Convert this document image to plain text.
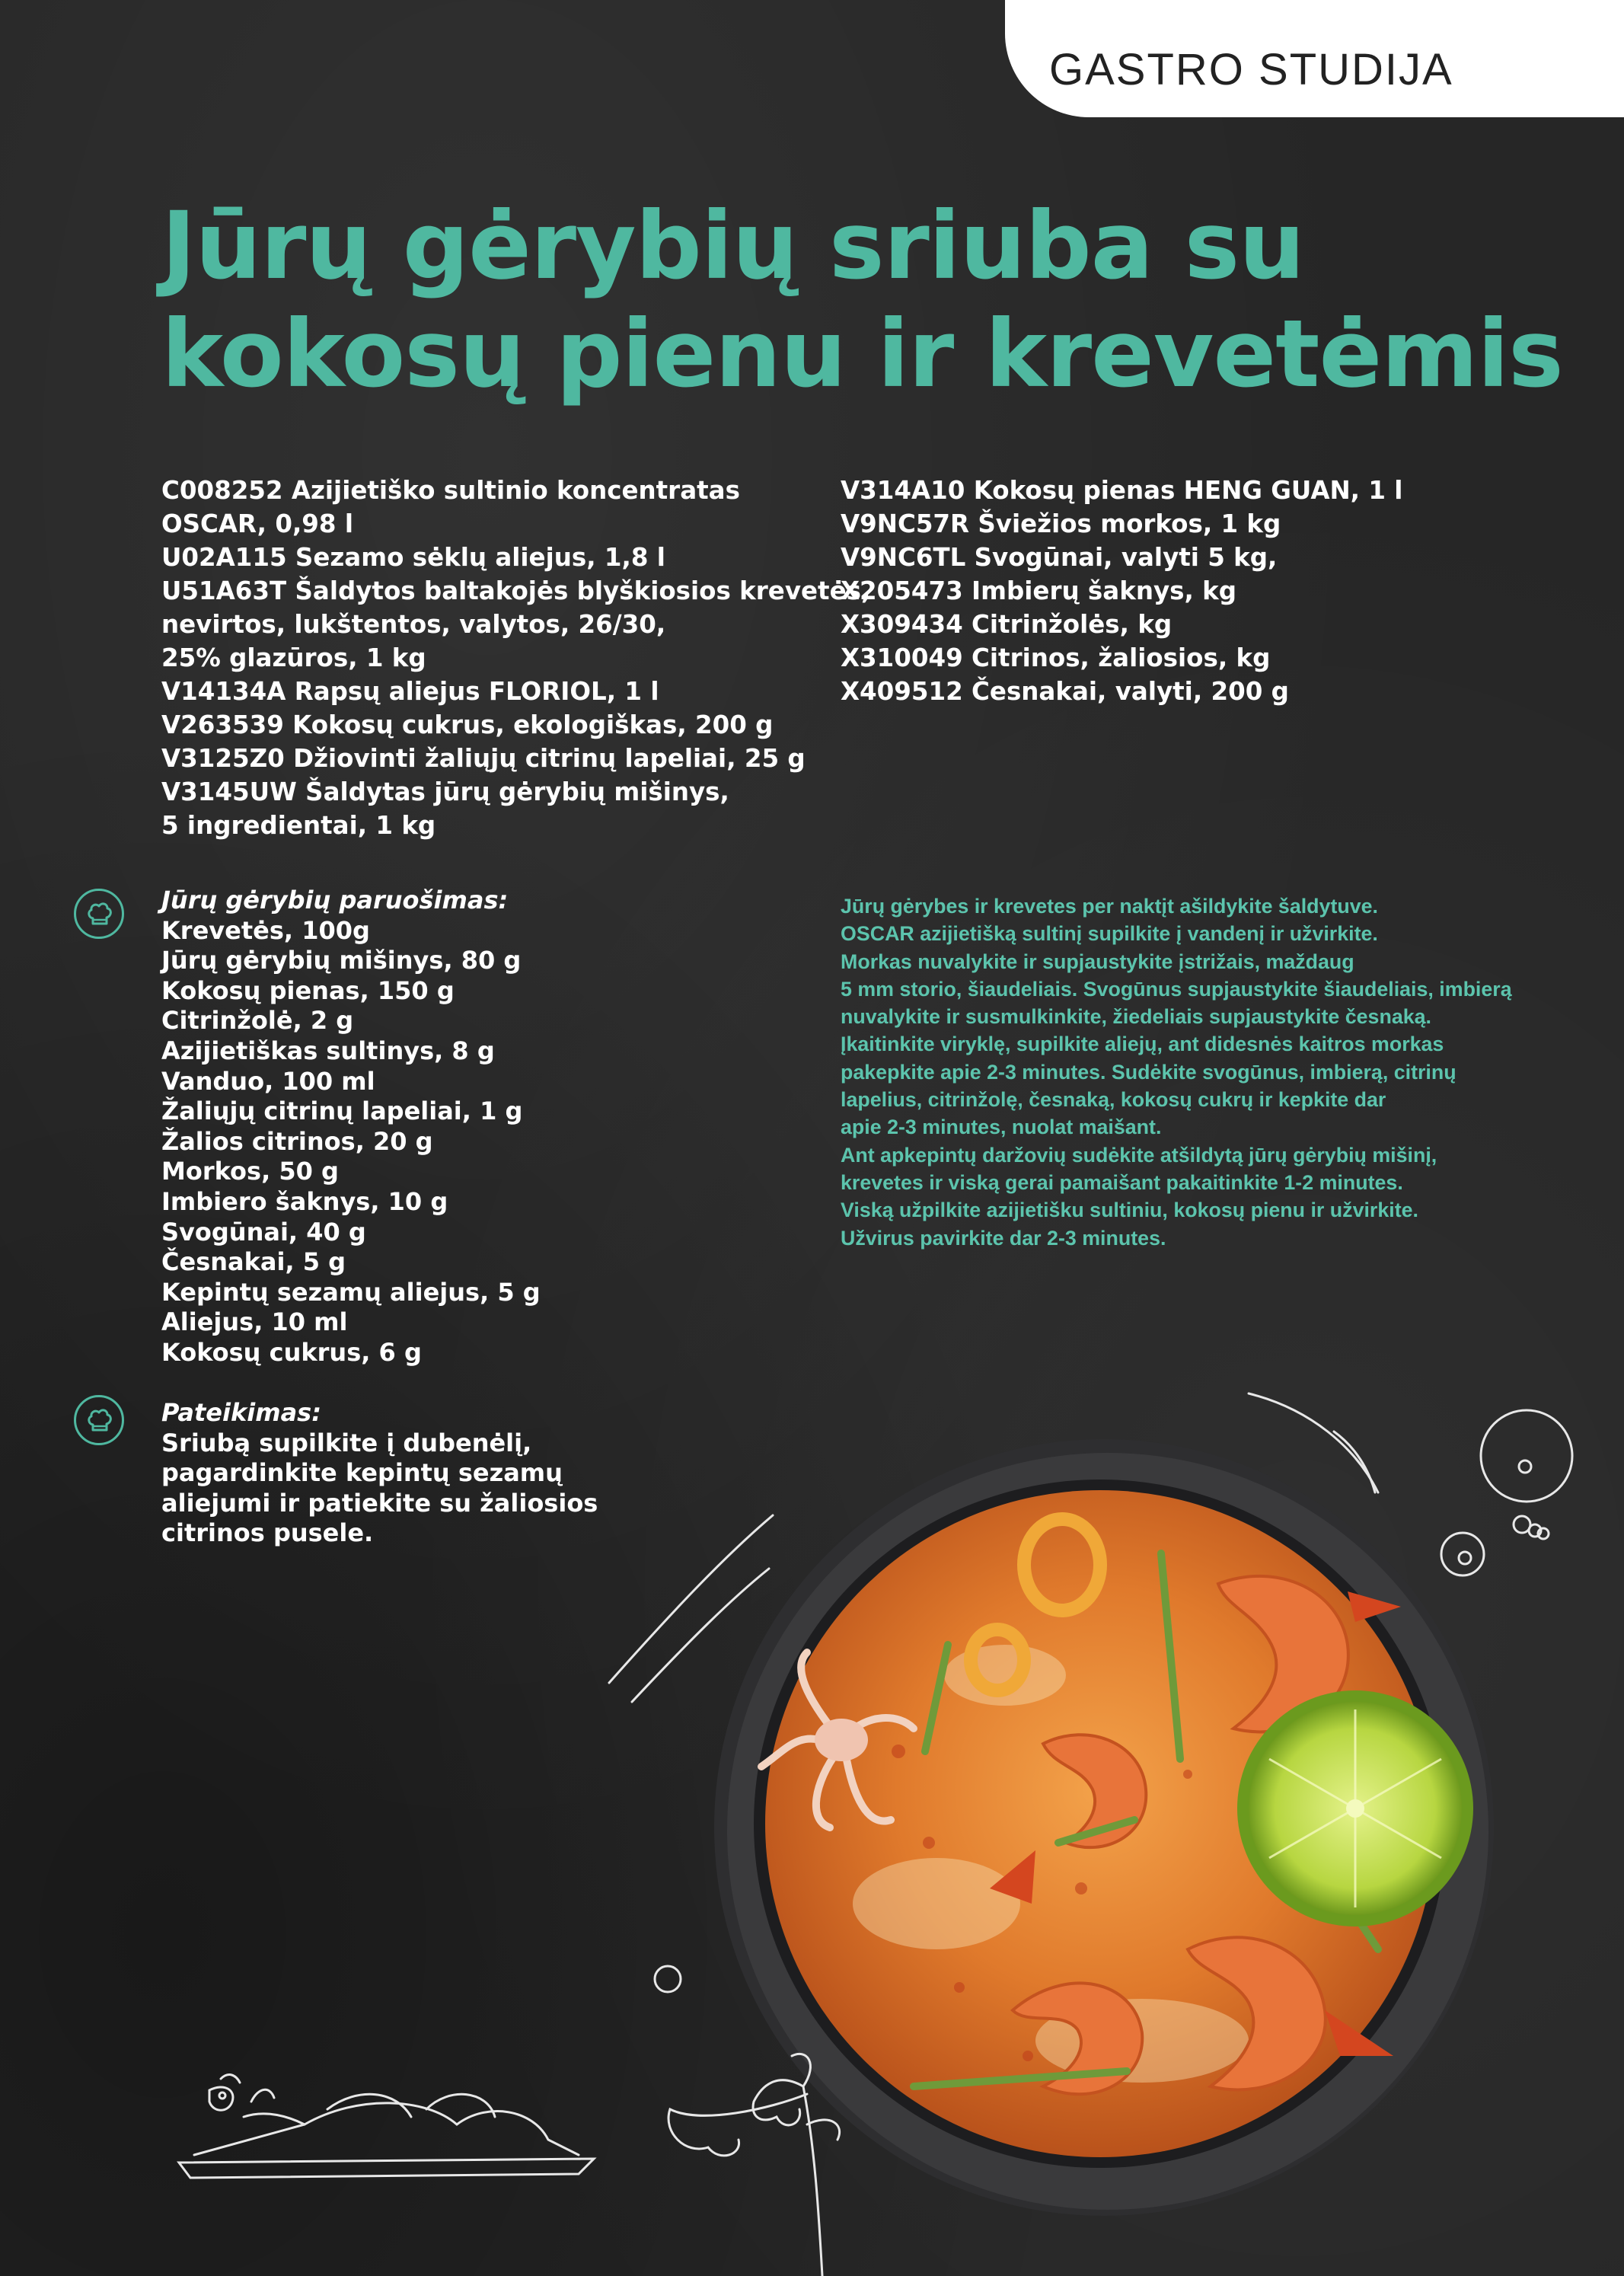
GASTRO STUDIJA
Jūrų gėrybių sriuba su
kokosų pienu ir krevetėmis
C008252 Azijietiško sultinio koncentratas
OSCAR, 0,98 l
U02A115 Sezamo sėklų aliejus, 1,8 l
U51A63T Šaldytos baltakojės blyškiosios krevetės,
nevirtos, lukštentos, valytos, 26/30,
25% glazūros, 1 kg
V14134A Rapsų aliejus FLORIOL, 1 l
V263539 Kokosų cukrus, ekologiškas, 200 g
V3125Z0 Džiovinti žaliųjų citrinų lapeliai, 25 g
V3145UW Šaldytas jūrų gėrybių mišinys,
5 ingredientai, 1 kg
V314A10 Kokosų pienas HENG GUAN, 1 l
V9NC57R Šviežios morkos, 1 kg
V9NC6TL Svogūnai, valyti 5 kg,
X205473 Imbierų šaknys, kg
X309434 Citrinžolės, kg
X310049 Citrinos, žaliosios, kg
X409512 Česnakai, valyti, 200 g
Jūrų gėrybių paruošimas:
Krevetės, 100g
Jūrų gėrybių mišinys, 80 g
Kokosų pienas, 150 g
Citrinžolė, 2 g
Azijietiškas sultinys, 8 g
Vanduo, 100 ml
Žaliųjų citrinų lapeliai, 1 g
Žalios citrinos, 20 g
Morkos, 50 g
Imbiero šaknys, 10 g
Svogūnai, 40 g
Česnakai, 5 g
Kepintų sezamų aliejus, 5 g
Aliejus, 10 ml
Kokosų cukrus, 6 g
Pateikimas:
Sriubą supilkite į dubenėlį,
pagardinkite kepintų sezamų
aliejumi ir patiekite su žaliosios
citrinos pusele.
Jūrų gėrybes ir krevetes per naktįt ašildykite šaldytuve.
OSCAR azijietišką sultinį supilkite į vandenį ir užvirkite.
Morkas nuvalykite ir supjaustykite įstrižais, maždaug
5 mm storio, šiaudeliais. Svogūnus supjaustykite šiaudeliais, imbierą
nuvalykite ir susmulkinkite, žiedeliais supjaustykite česnaką.
Įkaitinkite viryklę, supilkite aliejų, ant didesnės kaitros morkas
pakepkite apie 2-3 minutes. Sudėkite svogūnus, imbierą, citrinų
lapelius, citrinžolę, česnaką, kokosų cukrų ir kepkite dar
apie 2-3 minutes, nuolat maišant.
Ant apkepintų daržovių sudėkite atšildytą jūrų gėrybių mišinį,
krevetes ir viską gerai pamaišant pakaitinkite 1-2 minutes.
Viską užpilkite azijietišku sultiniu, kokosų pienu ir užvirkite.
Užvirus pavirkite dar 2-3 minutes.
